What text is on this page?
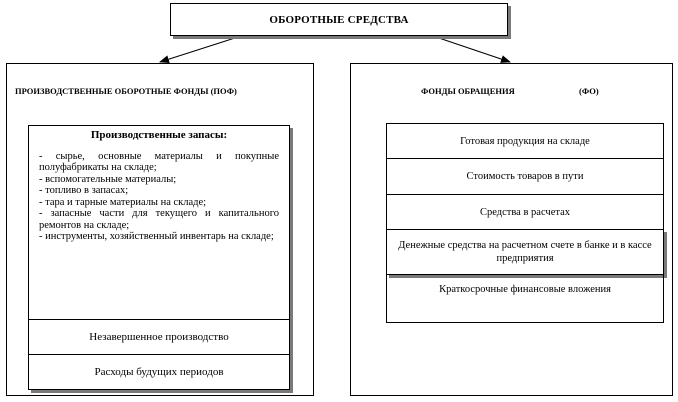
ОБОРОТНЫЕ СРЕДСТВА
ПРОИЗВОДСТВЕННЫЕ ОБОРОТНЫЕ ФОНДЫ (ПОФ)	ФОНДЫ ОБРАЩЕНИЯ	(ФО)

Производственные запасы:

- сырье, основные материалы и покупные полуфабрикаты на складе;

- вспомогательные материалы;

- топливо в запасах;

- тара и тарные материалы на складе;

- запасные части для текущего и капитального ремонтов на складе;

- инструменты, хозяйственный инвентарь на складе;

Незавершенное производство
Расходы будущих периодов
Готовая продукция на складе
Стоимость товаров в пути
Средства в расчетах
Денежные средства на расчетном счете в банке и в кассе предприятия
Краткосрочные финансовые вложения
